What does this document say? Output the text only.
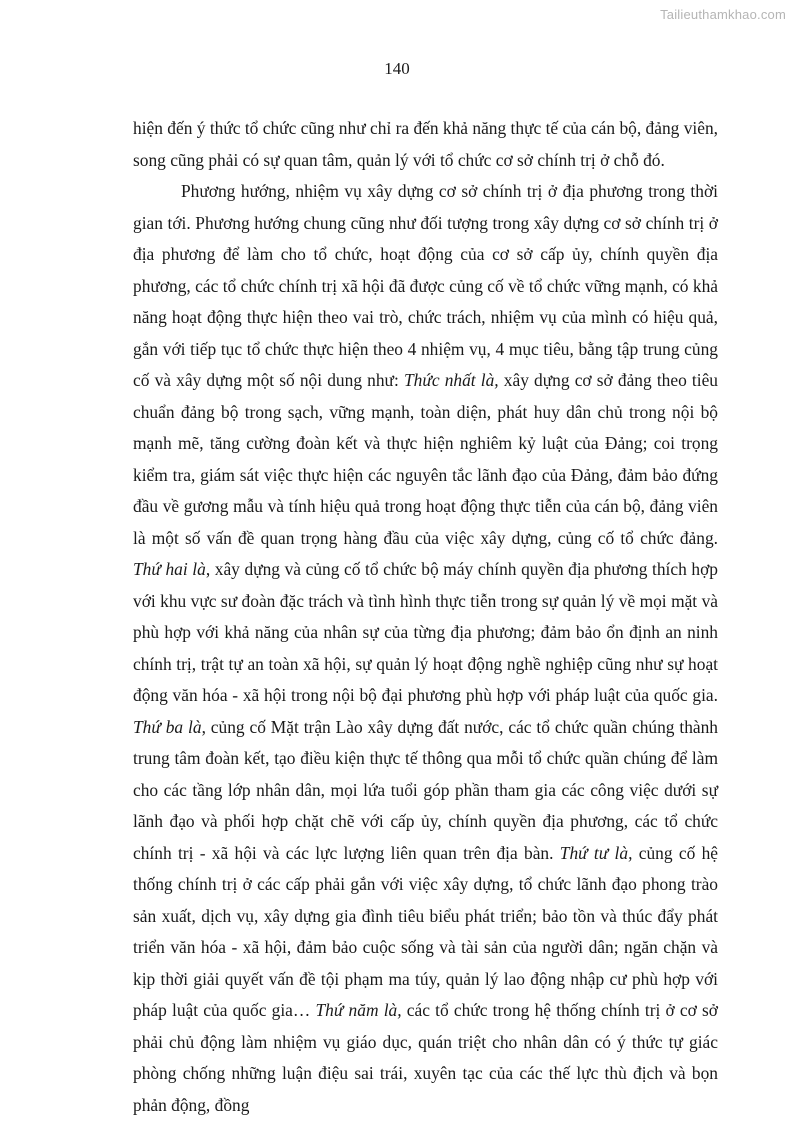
Tailieuthamkhao.com
140

hiện đến ý thức tổ chức cũng như chỉ ra đến khả năng thực tế của cán bộ, đảng viên, song cũng phải có sự quan tâm, quản lý với tổ chức cơ sở chính trị ở chỗ đó.

Phương hướng, nhiệm vụ xây dựng cơ sở chính trị ở địa phương trong thời gian tới. Phương hướng chung cũng như đối tượng trong xây dựng cơ sở chính trị ở địa phương để làm cho tổ chức, hoạt động của cơ sở cấp ủy, chính quyền địa phương, các tổ chức chính trị xã hội đã được củng cố về tổ chức vững mạnh, có khả năng hoạt động thực hiện theo vai trò, chức trách, nhiệm vụ của mình có hiệu quả, gắn với tiếp tục tổ chức thực hiện theo 4 nhiệm vụ, 4 mục tiêu, bằng tập trung củng cố và xây dựng một số nội dung như: Thức nhất là, xây dựng cơ sở đảng theo tiêu chuẩn đảng bộ trong sạch, vững mạnh, toàn diện, phát huy dân chủ trong nội bộ mạnh mẽ, tăng cường đoàn kết và thực hiện nghiêm kỷ luật của Đảng; coi trọng kiểm tra, giám sát việc thực hiện các nguyên tắc lãnh đạo của Đảng, đảm bảo đứng đầu về gương mẫu và tính hiệu quả trong hoạt động thực tiễn của cán bộ, đảng viên là một số vấn đề quan trọng hàng đầu của việc xây dựng, củng cố tổ chức đảng. Thứ hai là, xây dựng và củng cố tổ chức bộ máy chính quyền địa phương thích hợp với khu vực sư đoàn đặc trách và tình hình thực tiễn trong sự quản lý về mọi mặt và phù hợp với khả năng của nhân sự của từng địa phương; đảm bảo ổn định an ninh chính trị, trật tự an toàn xã hội, sự quản lý hoạt động nghề nghiệp cũng như sự hoạt động văn hóa - xã hội trong nội bộ đại phương phù hợp với pháp luật của quốc gia. Thứ ba là, củng cố Mặt trận Lào xây dựng đất nước, các tổ chức quần chúng thành trung tâm đoàn kết, tạo điều kiện thực tế thông qua mỗi tổ chức quần chúng để làm cho các tầng lớp nhân dân, mọi lứa tuổi góp phần tham gia các công việc dưới sự lãnh đạo và phối hợp chặt chẽ với cấp ủy, chính quyền địa phương, các tổ chức chính trị - xã hội và các lực lượng liên quan trên địa bàn. Thứ tư là, củng cố hệ thống chính trị ở các cấp phải gắn với việc xây dựng, tổ chức lãnh đạo phong trào sản xuất, dịch vụ, xây dựng gia đình tiêu biểu phát triển; bảo tồn và thúc đẩy phát triển văn hóa - xã hội, đảm bảo cuộc sống và tài sản của người dân; ngăn chặn và kịp thời giải quyết vấn đề tội phạm ma túy, quản lý lao động nhập cư phù hợp với pháp luật của quốc gia… Thứ năm là, các tổ chức trong hệ thống chính trị ở cơ sở phải chủ động làm nhiệm vụ giáo dục, quán triệt cho nhân dân có ý thức tự giác phòng chống những luận điệu sai trái, xuyên tạc của các thế lực thù địch và bọn phản động, đồng
